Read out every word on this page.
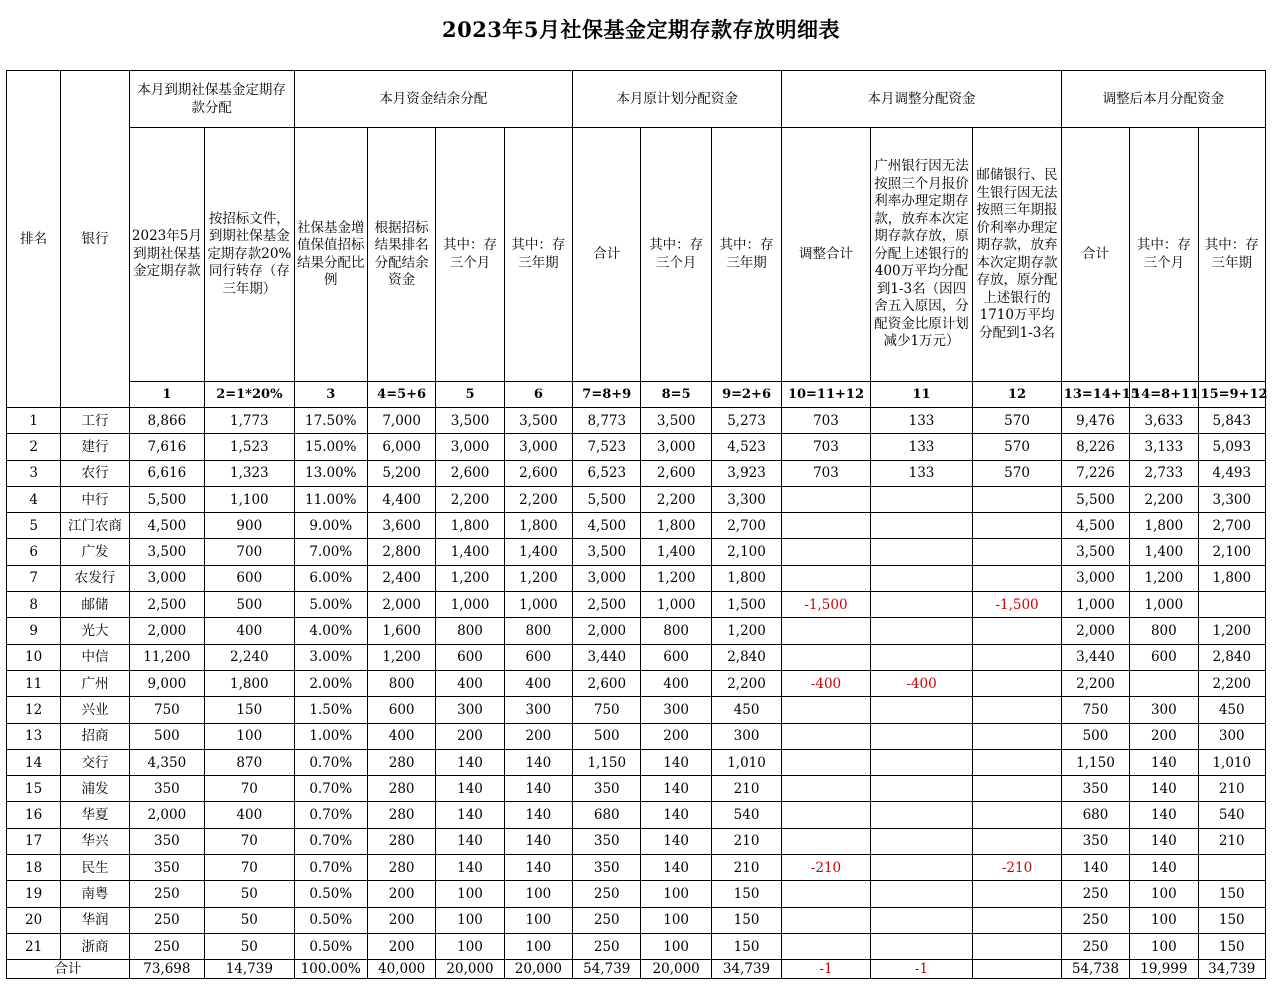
2023年5月社保基金定期存款存放明细表
排名	银行	本月到期社保基金定期存款分配		本月资金结余分配				本月原计划分配资金			本月调整分配资金			调整后本月分配资金		
		2023年5月到期社保基金定期存款	按招标文件，到期社保基金定期存款20%同行转存（存三年期）	社保基金增值保值招标结果分配比例	根据招标结果排名分配结余资金	其中：存三个月	其中：存三年期	合计	其中：存三个月	其中：存三年期	调整合计	广州银行因无法按照三个月报价利率办理定期存款，放弃本次定期存款存放，原分配上述银行的400万平均分配到1-3名（因四舍五入原因，分配资金比原计划减少1万元）	邮储银行、民生银行因无法按照三年期报价利率办理定期存款，放弃本次定期存款存放，原分配上述银行的1710万平均分配到1-3名	合计	其中：存三个月	其中：存三年期
		1	2=1*20%	3	4=5+6	5	6	7=8+9	8=5	9=2+6	10=11+12	11	12	13=14+15	14=8+11	15=9+12
1	工行	8,866	1,773	17.50%	7,000	3,500	3,500	8,773	3,500	5,273	703	133	570	9,476	3,633	5,843
2	建行	7,616	1,523	15.00%	6,000	3,000	3,000	7,523	3,000	4,523	703	133	570	8,226	3,133	5,093
3	农行	6,616	1,323	13.00%	5,200	2,600	2,600	6,523	2,600	3,923	703	133	570	7,226	2,733	4,493
4	中行	5,500	1,100	11.00%	4,400	2,200	2,200	5,500	2,200	3,300				5,500	2,200	3,300
5	江门农商	4,500	900	9.00%	3,600	1,800	1,800	4,500	1,800	2,700				4,500	1,800	2,700
6	广发	3,500	700	7.00%	2,800	1,400	1,400	3,500	1,400	2,100				3,500	1,400	2,100
7	农发行	3,000	600	6.00%	2,400	1,200	1,200	3,000	1,200	1,800				3,000	1,200	1,800
8	邮储	2,500	500	5.00%	2,000	1,000	1,000	2,500	1,000	1,500	-1,500		-1,500	1,000	1,000	
9	光大	2,000	400	4.00%	1,600	800	800	2,000	800	1,200				2,000	800	1,200
10	中信	11,200	2,240	3.00%	1,200	600	600	3,440	600	2,840				3,440	600	2,840
11	广州	9,000	1,800	2.00%	800	400	400	2,600	400	2,200	-400	-400		2,200		2,200
12	兴业	750	150	1.50%	600	300	300	750	300	450				750	300	450
13	招商	500	100	1.00%	400	200	200	500	200	300				500	200	300
14	交行	4,350	870	0.70%	280	140	140	1,150	140	1,010				1,150	140	1,010
15	浦发	350	70	0.70%	280	140	140	350	140	210				350	140	210
16	华夏	2,000	400	0.70%	280	140	140	680	140	540				680	140	540
17	华兴	350	70	0.70%	280	140	140	350	140	210				350	140	210
18	民生	350	70	0.70%	280	140	140	350	140	210	-210		-210	140	140	
19	南粤	250	50	0.50%	200	100	100	250	100	150				250	100	150
20	华润	250	50	0.50%	200	100	100	250	100	150				250	100	150
21	浙商	250	50	0.50%	200	100	100	250	100	150				250	100	150
合计		73,698	14,739	100.00%	40,000	20,000	20,000	54,739	20,000	34,739	-1	-1		54,738	19,999	34,739
